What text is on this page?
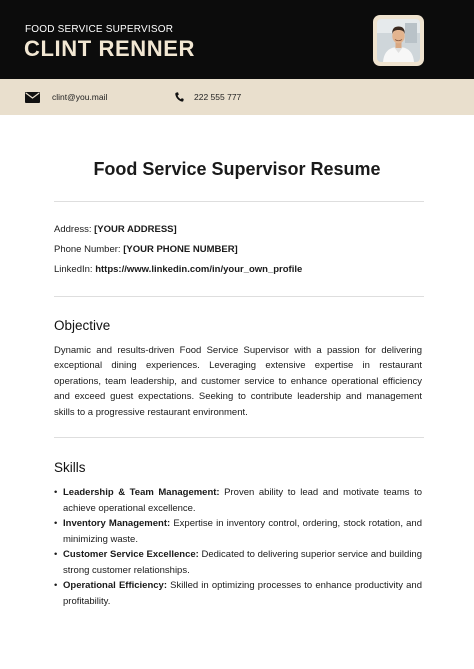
FOOD SERVICE SUPERVISOR
CLINT RENNER
clint@you.mail	222 555 777
Food Service Supervisor Resume
Address: [YOUR ADDRESS]
Phone Number: [YOUR PHONE NUMBER]
LinkedIn: https://www.linkedin.com/in/your_own_profile
Objective
Dynamic and results-driven Food Service Supervisor with a passion for delivering exceptional dining experiences. Leveraging extensive expertise in restaurant operations, team leadership, and customer service to enhance operational efficiency and exceed guest expectations. Seeking to contribute leadership and management skills to a progressive restaurant environment.
Skills
• Leadership & Team Management: Proven ability to lead and motivate teams to achieve operational excellence.
• Inventory Management: Expertise in inventory control, ordering, stock rotation, and minimizing waste.
• Customer Service Excellence: Dedicated to delivering superior service and building strong customer relationships.
• Operational Efficiency: Skilled in optimizing processes to enhance productivity and profitability.
